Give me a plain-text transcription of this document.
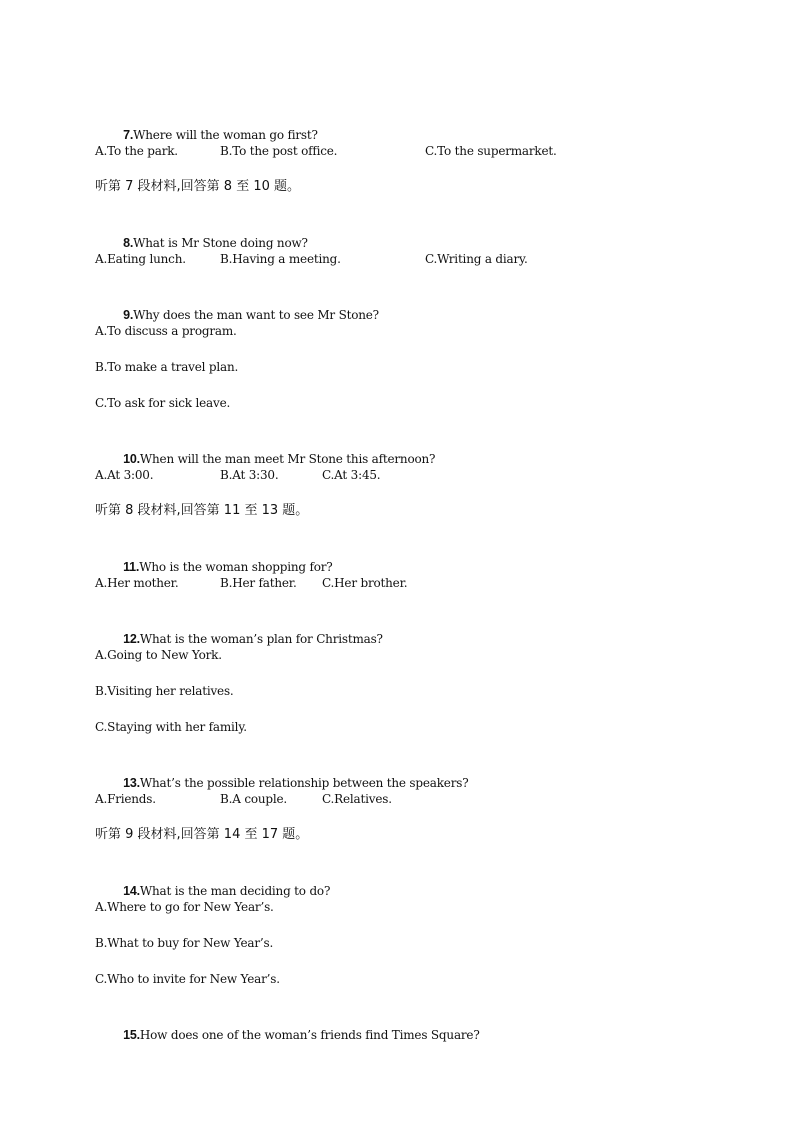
7.Where will the woman go first?

A.To the park.

	B.To the post office.

	C.To the supermarket.

听第 7 段材料,回答第 8 至 10 题。

8.What is Mr Stone doing now?

A.Eating lunch.

	B.Having a meeting.

	C.Writing a diary.

9.Why does the man want to see Mr Stone?

A.To discuss a program.
B.To make a travel plan.
C.To ask for sick leave.

10.When will the man meet Mr Stone this afternoon?

A.At 3:00.

	B.At 3:30.

	C.At 3:45.

听第 8 段材料,回答第 11 至 13 题。

11.Who is the woman shopping for?

A.Her mother.

	B.Her father.

C.Her brother.

12.What is the woman’s plan for Christmas?

A.Going to New York.
B.Visiting her relatives.
C.Staying with her family.

13.What’s the possible relationship between the speakers?

A.Friends.

	B.A couple.

	C.Relatives.

听第 9 段材料,回答第 14 至 17 题。

14.What is the man deciding to do?

A.Where to go for New Year’s.
B.What to buy for New Year’s.
C.Who to invite for New Year’s.

15.How does one of the woman’s friends find Times Square?
